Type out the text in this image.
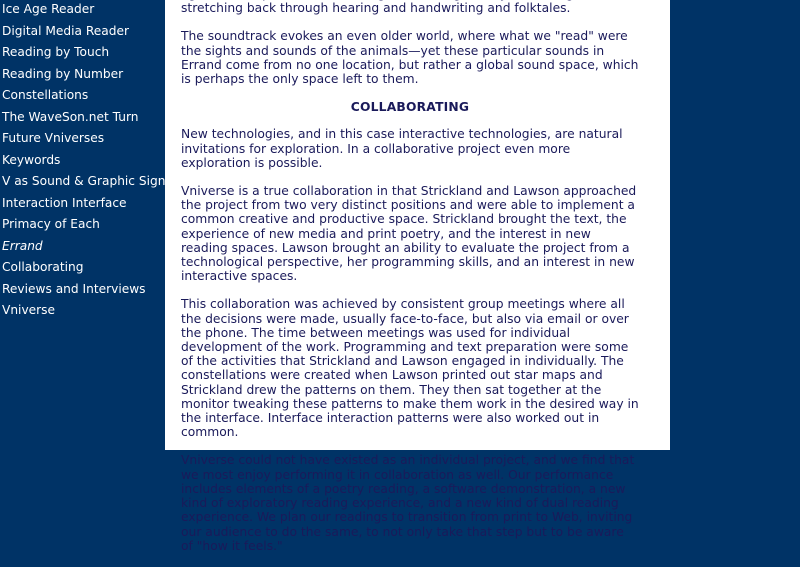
Ice Age Reader
Digital Media Reader
Reading by Touch
Reading by Number
Constellations
The WaveSon.net Turn
Future Vniverses
Keywords
V as Sound & Graphic Sign
Interaction Interface
Primacy of Each
Errand
Collaborating
Reviews and Interviews
Vniverse

stretching back through hearing and handwriting and folktales.

The soundtrack evokes an even older world, where what we "read" were the sights and sounds of the animals—yet these particular sounds in Errand come from no one location, but rather a global sound space, which is perhaps the only space left to them.

COLLABORATING

New technologies, and in this case interactive technologies, are natural invitations for exploration. In a collaborative project even more exploration is possible.

Vniverse is a true collaboration in that Strickland and Lawson approached the project from two very distinct positions and were able to implement a common creative and productive space. Strickland brought the text, the experience of new media and print poetry, and the interest in new reading spaces. Lawson brought an ability to evaluate the project from a technological perspective, her programming skills, and an interest in new interactive spaces.

This collaboration was achieved by consistent group meetings where all the decisions were made, usually face-to-face, but also via email or over the phone. The time between meetings was used for individual development of the work. Programming and text preparation were some of the activities that Strickland and Lawson engaged in individually. The constellations were created when Lawson printed out star maps and Strickland drew the patterns on them. They then sat together at the monitor tweaking these patterns to make them work in the desired way in the interface. Interface interaction patterns were also worked out in common.

Vniverse could not have existed as an individual project, and we find that we most enjoy performing it in collaboration as well. Our performance includes elements of a poetry reading, a software demonstration, a new kind of exploratory reading experience, and a new kind of dual reading experience. We plan our readings to transition from print to Web, inviting our audience to do the same, to not only take that step but to be aware of "how it feels."
